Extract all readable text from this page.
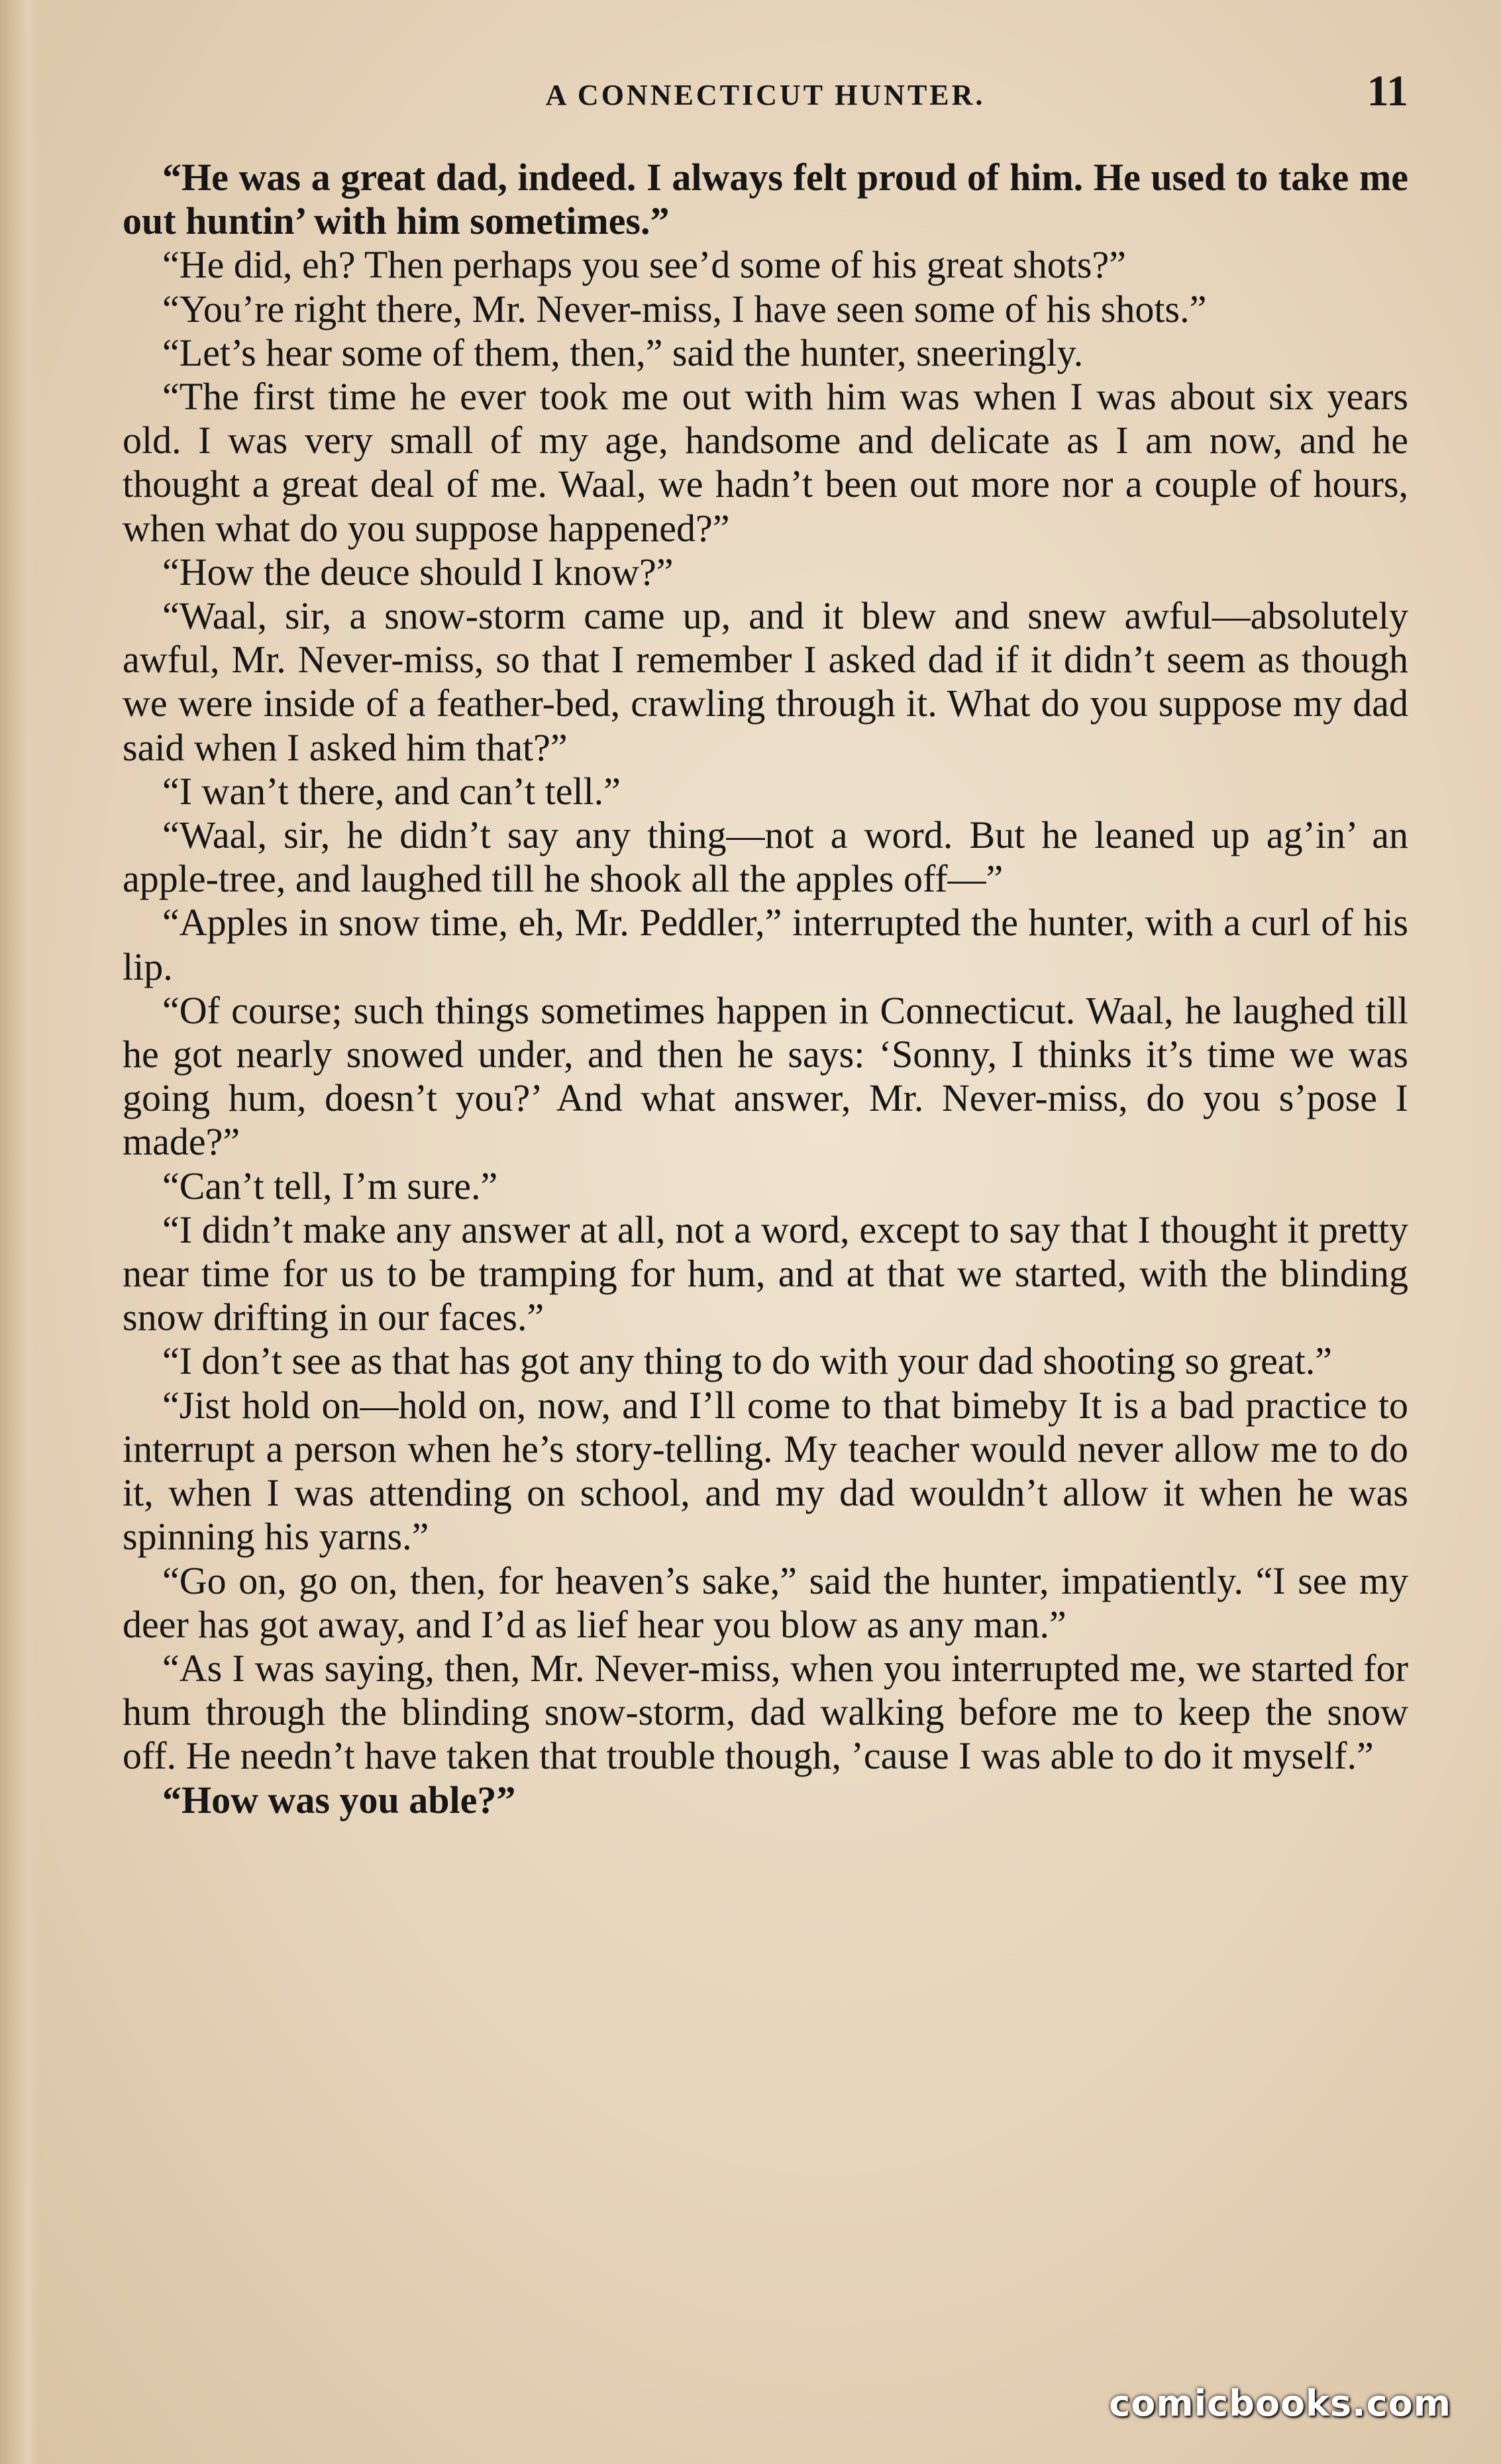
A CONNECTICUT HUNTER.	11

“He was a great dad, indeed. I always felt proud of him. He used to take me out huntin’ with him sometimes.”

“He did, eh? Then perhaps you see’d some of his great shots?”

“You’re right there, Mr. Never-miss, I have seen some of his shots.”

“Let’s hear some of them, then,” said the hunter, sneeringly.

“The first time he ever took me out with him was when I was about six years old. I was very small of my age, handsome and delicate as I am now, and he thought a great deal of me. Waal, we hadn’t been out more nor a couple of hours, when what do you suppose happened?”

“How the deuce should I know?”

“Waal, sir, a snow-storm came up, and it blew and snew awful—absolutely awful, Mr. Never-miss, so that I remember I asked dad if it didn’t seem as though we were inside of a feather-bed, crawling through it. What do you suppose my dad said when I asked him that?”

“I wan’t there, and can’t tell.”

“Waal, sir, he didn’t say any thing—not a word. But he leaned up ag’in’ an apple-tree, and laughed till he shook all the apples off—”

“Apples in snow time, eh, Mr. Peddler,” interrupted the hunter, with a curl of his lip.

“Of course; such things sometimes happen in Connecticut. Waal, he laughed till he got nearly snowed under, and then he says: ‘Sonny, I thinks it’s time we was going hum, doesn’t you?’ And what answer, Mr. Never-miss, do you s’pose I made?”

“Can’t tell, I’m sure.”

“I didn’t make any answer at all, not a word, except to say that I thought it pretty near time for us to be tramping for hum, and at that we started, with the blinding snow drifting in our faces.”

“I don’t see as that has got any thing to do with your dad shooting so great.”

“Jist hold on—hold on, now, and I’ll come to that bimeby It is a bad practice to interrupt a person when he’s story-telling. My teacher would never allow me to do it, when I was attending on school, and my dad wouldn’t allow it when he was spinning his yarns.”

“Go on, go on, then, for heaven’s sake,” said the hunter, impatiently. “I see my deer has got away, and I’d as lief hear you blow as any man.”

“As I was saying, then, Mr. Never-miss, when you interrupted me, we started for hum through the blinding snow-storm, dad walking before me to keep the snow off. He needn’t have taken that trouble though, ’cause I was able to do it myself.”

“How was you able?”

comicbooks.com
